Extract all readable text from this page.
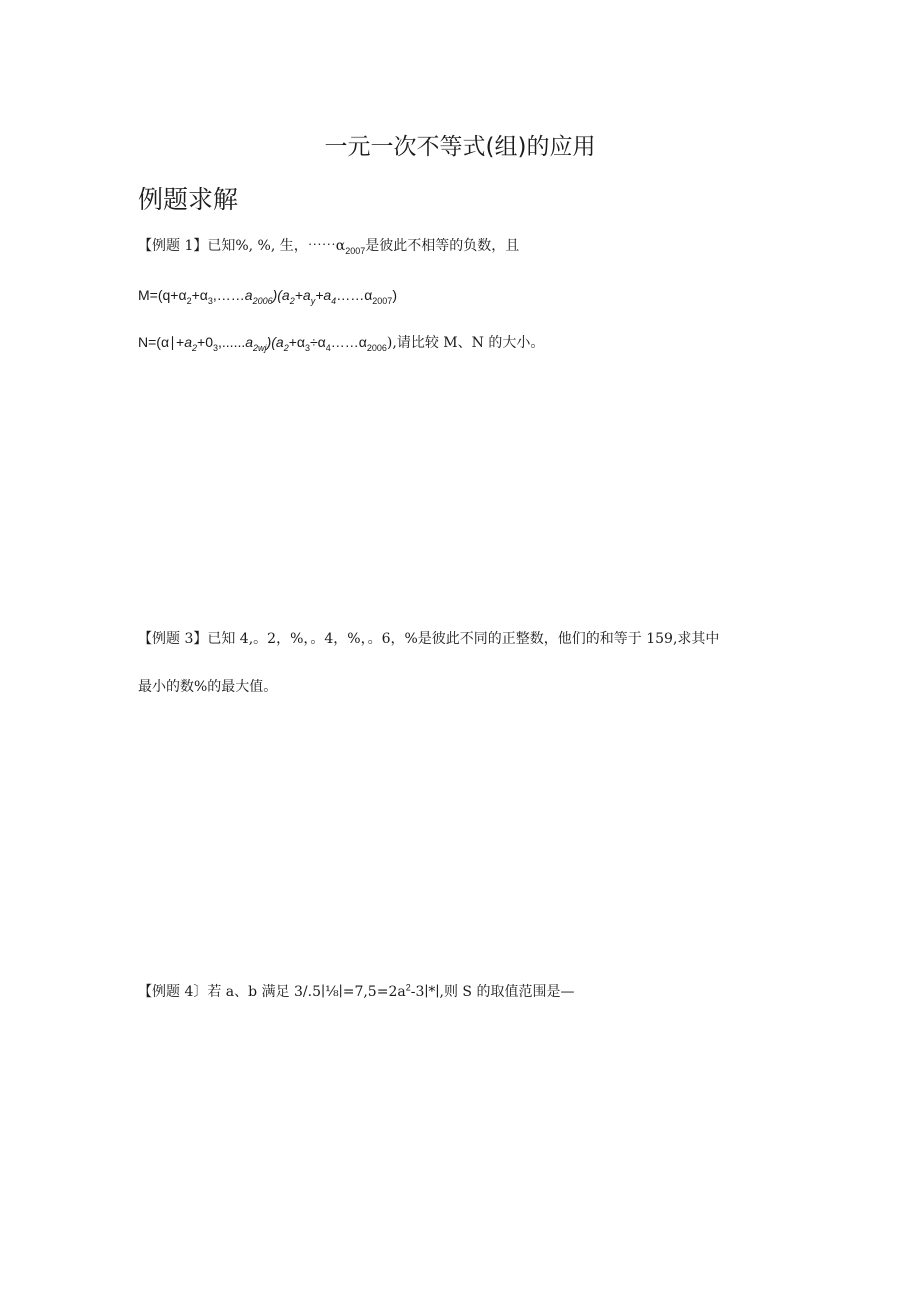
一元一次不等式(组)的应用
例题求解
【例题 1】已知%, %, 生，$\cdots\cdots\alpha_{2007}$是彼此不相等的负数，且
$M=(q+\alpha_2+\alpha_3,\dots\dots a_{2006})(a_2+a_y+a_4\dots\dots\alpha_{2007})$
$N=(\alpha∣+a_2+0_3,......a_{2wj})(a_2+\alpha_3\div\alpha_4\dots\dots\alpha_{2006})$,请比较 M、N 的大小。
【例题 3】已知 4,。2，%，。4，%，。6，%是彼此不同的正整数，他们的和等于 159,求其中
最小的数%的最大值。
【例题 4〕若 a、b 满足 $3/.5∣\frac{1}{8}∣=7,5=2a^2-3∣*∣$,则 S 的取值范围是—
